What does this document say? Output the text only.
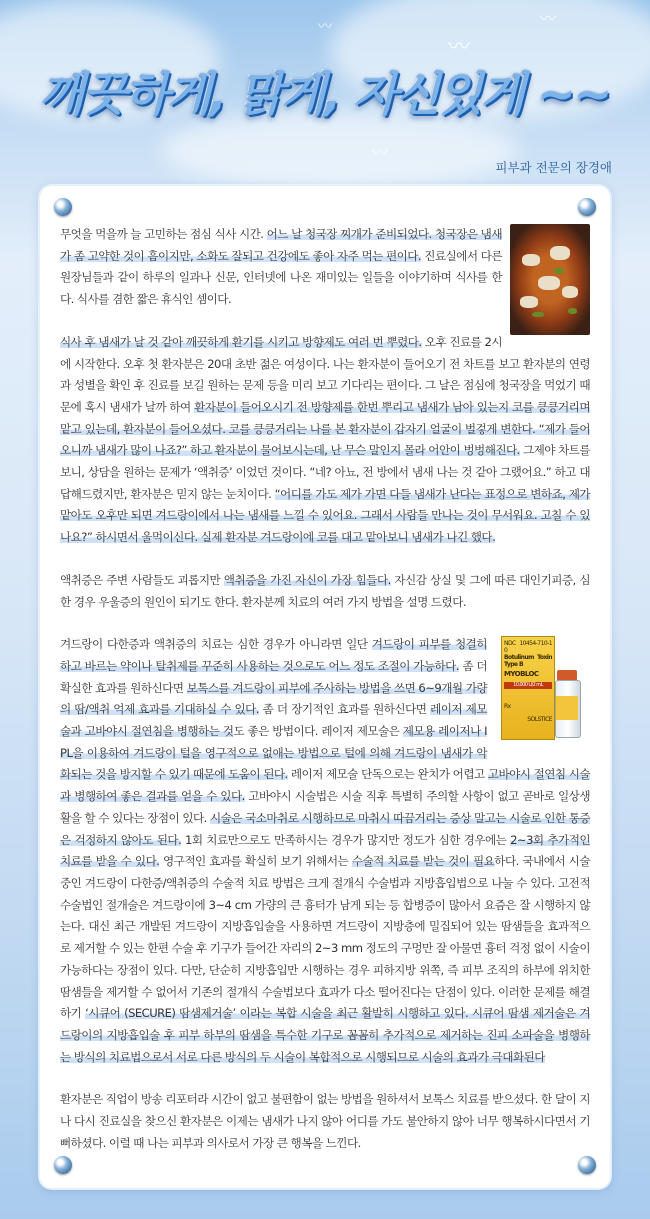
〰
〰
〰
〰
깨끗하게, 맑게, 자신있게 ~~
피부과 전문의 장경애

무엇을 먹을까 늘 고민하는 점심 식사 시간. 어느 날 청국장 찌개가 준비되었다. 청국장은 냄새가 좀 고약한 것이 흠이지만, 소화도 잘되고 건강에도 좋아 자주 먹는 편이다. 진료실에서 다른 원장님들과 같이 하루의 일과나 신문, 인터넷에 나온 재미있는 일들을 이야기하며 식사를 한다. 식사를 겸한 짧은 휴식인 셈이다.

식사 후 냄새가 날 것 같아 깨끗하게 환기를 시키고 방향제도 여러 번 뿌렸다. 오후 진료를 2시에 시작한다. 오후 첫 환자분은 20대 초반 젊은 여성이다. 나는 환자분이 들어오기 전 차트를 보고 환자분의 연령과 성별을 확인 후 진료를 보길 원하는 문제 등을 미리 보고 기다리는 편이다. 그 날은 점심에 청국장을 먹었기 때문에 혹시 냄새가 날까 하여 환자분이 들어오시기 전 방향제를 한번 뿌리고 냄새가 남아 있는지 코를 킁킁거리며 맡고 있는데, 환자분이 들어오셨다. 코를 킁킁거리는 나를 본 환자분이 갑자기 얼굴이 벌겋게 변한다. “제가 들어오니까 냄새가 많이 나죠?” 하고 환자분이 물어보시는데, 난 무슨 말인지 몰라 어안이 벙벙해진다. 그제야 차트를 보니, 상담을 원하는 문제가 ‘액취증’ 이었던 것이다. “네? 아뇨, 전 방에서 냄새 나는 것 같아 그랬어요.” 하고 대답해드렸지만, 환자분은 믿지 않는 눈치이다. “어디를 가도 제가 가면 다들 냄새가 난다는 표정으로 변하죠, 제가 맡아도 오후만 되면 겨드랑이에서 나는 냄새를 느낄 수 있어요. 그래서 사람들 만나는 것이 무서워요. 고칠 수 있나요?” 하시면서 울먹이신다. 실제 환자분 겨드랑이에 코를 대고 맡아보니 냄새가 나긴 했다.

액취증은 주변 사람들도 괴롭지만 액취증을 가진 자신이 가장 힘들다. 자신감 상실 및 그에 따른 대인기피증, 심한 경우 우울증의 원인이 되기도 한다. 환자분께 치료의 여러 가지 방법을 설명 드렸다.

NDC 10454-710-10
Botulinum Toxin Type B
MYOBLOC
10,000 U/2 mL
Rx
SOLSTICE

겨드랑이 다한증과 액취증의 치료는 심한 경우가 아니라면 일단 겨드랑이 피부를 청결히 하고 바르는 약이나 탈취제를 꾸준히 사용하는 것으로도 어느 정도 조절이 가능하다. 좀 더 확실한 효과를 원하신다면 보톡스를 겨드랑이 피부에 주사하는 방법을 쓰면 6~9개월 가량의 땀/액취 억제 효과를 기대하실 수 있다. 좀 더 장기적인 효과를 원하신다면 레이저 제모술과 고바야시 절연침을 병행하는 것도 좋은 방법이다. 레이저 제모술은 제모용 레이저나 IPL을 이용하여 겨드랑이 털을 영구적으로 없애는 방법으로 털에 의해 겨드랑이 냄새가 악화되는 것을 방지할 수 있기 때문에 도움이 된다. 레이저 제모술 단독으로는 완치가 어렵고 고바야시 절연침 시술과 병행하여 좋은 결과를 얻을 수 있다. 고바야시 시술법은 시술 직후 특별히 주의할 사항이 없고 곧바로 일상생활을 할 수 있다는 장점이 있다. 시술은 국소마취로 시행하므로 마취시 따끔거리는 증상 말고는 시술로 인한 통증은 걱정하지 않아도 된다. 1회 치료만으로도 만족하시는 경우가 많지만 정도가 심한 경우에는 2~3회 추가적인 치료를 받을 수 있다. 영구적인 효과를 확실히 보기 위해서는 수술적 치료를 받는 것이 필요하다. 국내에서 시술 중인 겨드랑이 다한증/액취증의 수술적 치료 방법은 크게 절개식 수술법과 지방흡입법으로 나눌 수 있다. 고전적 수술법인 절개술은 겨드랑이에 3~4 cm 가량의 큰 흉터가 남게 되는 등 합병증이 많아서 요즘은 잘 시행하지 않는다. 대신 최근 개발된 겨드랑이 지방흡입술을 사용하면 겨드랑이 지방층에 밀집되어 있는 땀샘들을 효과적으로 제거할 수 있는 한편 수술 후 기구가 들어간 자리의 2~3 mm 정도의 구멍만 잘 아물면 흉터 걱정 없이 시술이 가능하다는 장점이 있다. 다만, 단순히 지방흡입만 시행하는 경우 피하지방 위쪽, 즉 피부 조직의 하부에 위치한 땀샘들을 제거할 수 없어서 기존의 절개식 수술법보다 효과가 다소 떨어진다는 단점이 있다. 이러한 문제를 해결하기 ‘시큐어 (SECURE) 땀샘제거술’ 이라는 복합 시술을 최근 활발히 시행하고 있다. 시큐어 땀샘 제거술은 겨드랑이의 지방흡입술 후 피부 하부의 땀샘을 특수한 기구로 꼼꼼히 추가적으로 제거하는 진피 소파술을 병행하는 방식의 치료법으로서 서로 다른 방식의 두 시술이 복합적으로 시행되므로 시술의 효과가 극대화된다

환자분은 직업이 방송 리포터라 시간이 없고 불편함이 없는 방법을 원하셔서 보톡스 치료를 받으셨다. 한 달이 지나 다시 진료실을 찾으신 환자분은 이제는 냄새가 나지 않아 어디를 가도 불안하지 않아 너무 행복하시다면서 기뻐하셨다. 이럴 때 나는 피부과 의사로서 가장 큰 행복을 느낀다.
